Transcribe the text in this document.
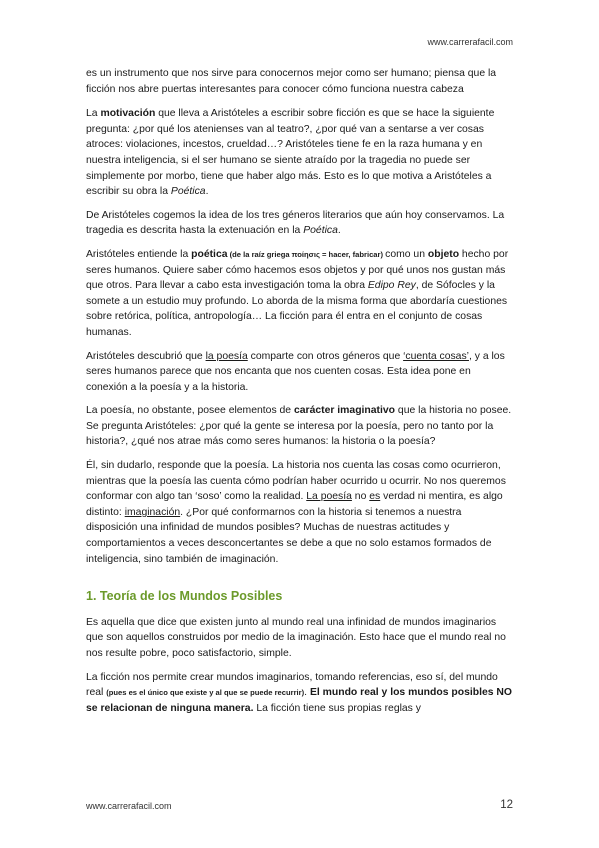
www.carrerafacil.com

es un instrumento que nos sirve para conocernos mejor como ser humano; piensa que la ficción nos abre puertas interesantes para conocer cómo funciona nuestra cabeza

La motivación que lleva a Aristóteles a escribir sobre ficción es que se hace la siguiente pregunta: ¿por qué los atenienses van al teatro?, ¿por qué van a sentarse a ver cosas atroces: violaciones, incestos, crueldad…? Aristóteles tiene fe en la raza humana y en nuestra inteligencia, si el ser humano se siente atraído por la tragedia no puede ser simplemente por morbo, tiene que haber algo más. Esto es lo que motiva a Aristóteles a escribir su obra la Poética.

De Aristóteles cogemos la idea de los tres géneros literarios que aún hoy conservamos. La tragedia es descrita hasta la extenuación en la Poética.

Aristóteles entiende la poética (de la raíz griega ποίησις = hacer, fabricar) como un objeto hecho por seres humanos. Quiere saber cómo hacemos esos objetos y por qué unos nos gustan más que otros. Para llevar a cabo esta investigación toma la obra Edipo Rey, de Sófocles y la somete a un estudio muy profundo. Lo aborda de la misma forma que abordaría cuestiones sobre retórica, política, antropología… La ficción para él entra en el conjunto de cosas humanas.

Aristóteles descubrió que la poesía comparte con otros géneros que ‘cuenta cosas’, y a los seres humanos parece que nos encanta que nos cuenten cosas. Esta idea pone en conexión a la poesía y a la historia.

La poesía, no obstante, posee elementos de carácter imaginativo que la historia no posee. Se pregunta Aristóteles: ¿por qué la gente se interesa por la poesía, pero no tanto por la historia?, ¿qué nos atrae más como seres humanos: la historia o la poesía?

Él, sin dudarlo, responde que la poesía. La historia nos cuenta las cosas como ocurrieron, mientras que la poesía las cuenta cómo podrían haber ocurrido u ocurrir. No nos queremos conformar con algo tan ‘soso’ como la realidad. La poesía no es verdad ni mentira, es algo distinto: imaginación. ¿Por qué conformarnos con la historia si tenemos a nuestra disposición una infinidad de mundos posibles? Muchas de nuestras actitudes y comportamientos a veces desconcertantes se debe a que no solo estamos formados de inteligencia, sino también de imaginación.

1. Teoría de los Mundos Posibles

Es aquella que dice que existen junto al mundo real una infinidad de mundos imaginarios que son aquellos construidos por medio de la imaginación. Esto hace que el mundo real no nos resulte pobre, poco satisfactorio, simple.

La ficción nos permite crear mundos imaginarios, tomando referencias, eso sí, del mundo real (pues es el único que existe y al que se puede recurrir). El mundo real y los mundos posibles NO se relacionan de ninguna manera. La ficción tiene sus propias reglas y

www.carrerafacil.com	12
